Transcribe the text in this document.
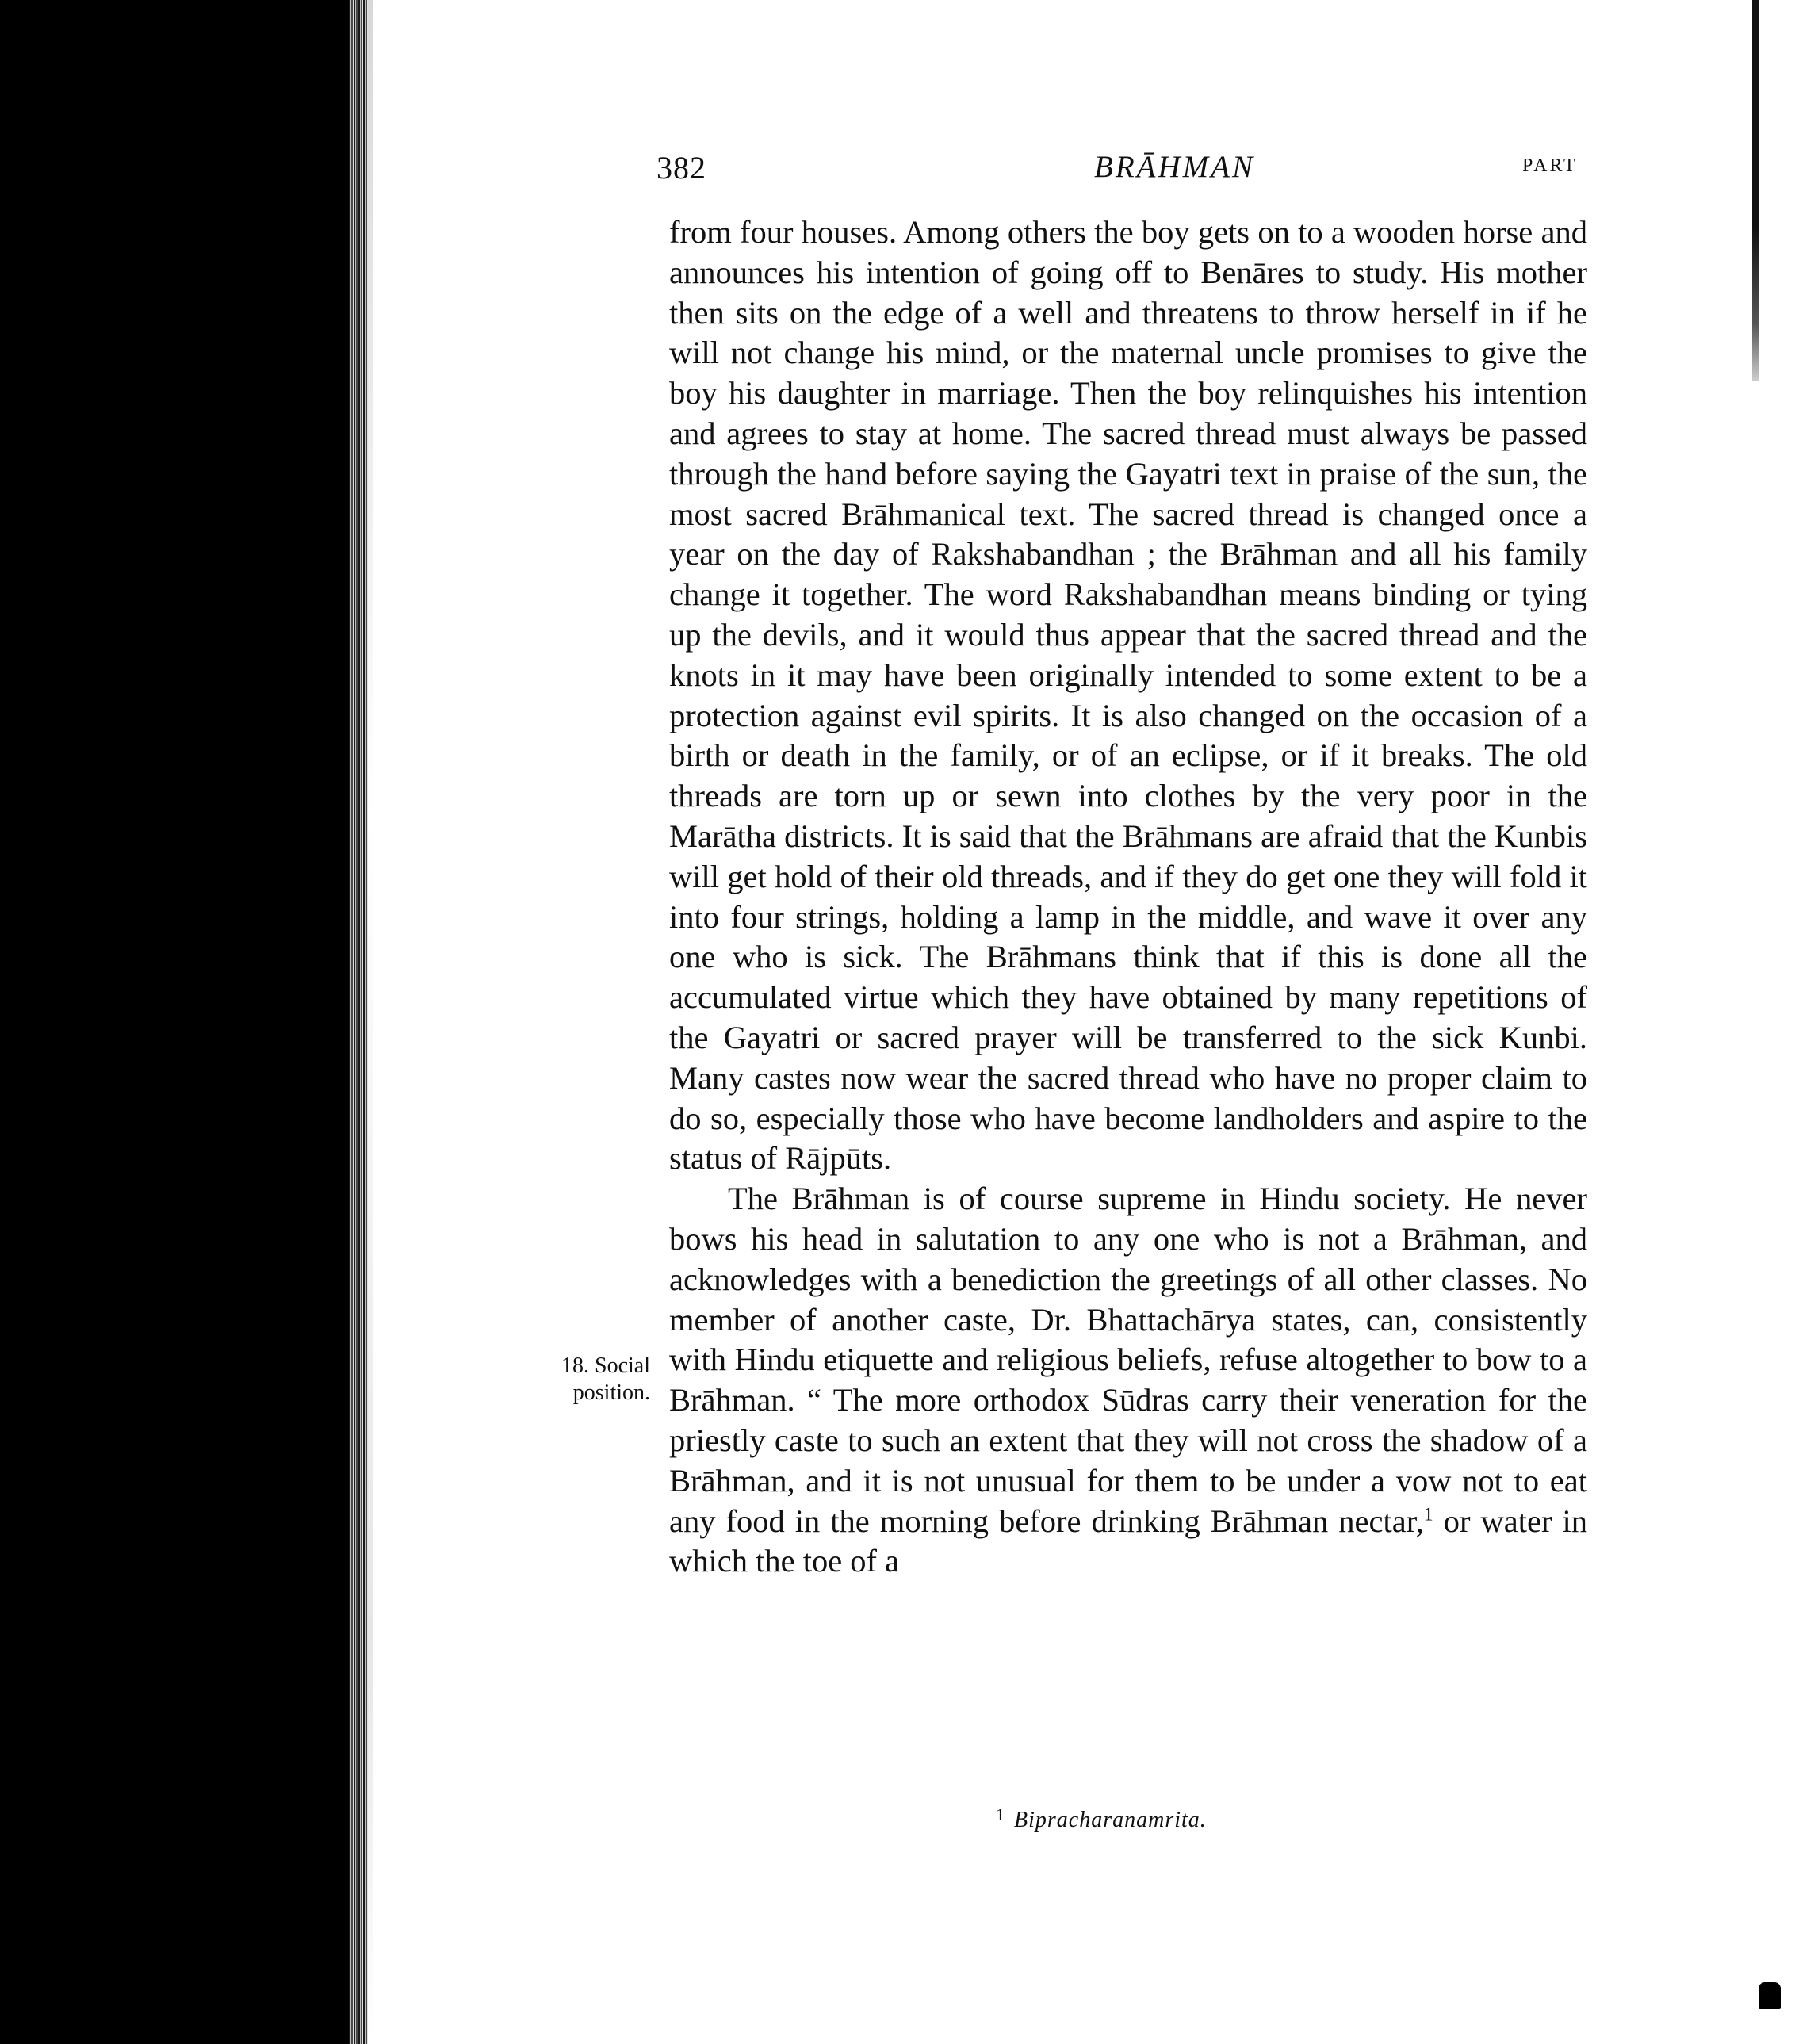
382	BRĀHMAN	PART
18. Social
position.

from four houses. Among others the boy gets on to a wooden horse and announces his intention of going off to Benāres to study. His mother then sits on the edge of a well and threatens to throw herself in if he will not change his mind, or the maternal uncle promises to give the boy his daughter in marriage. Then the boy relinquishes his intention and agrees to stay at home. The sacred thread must always be passed through the hand before saying the Gayatri text in praise of the sun, the most sacred Brāhmanical text. The sacred thread is changed once a year on the day of Rakshabandhan ; the Brāhman and all his family change it together. The word Rakshabandhan means binding or tying up the devils, and it would thus appear that the sacred thread and the knots in it may have been originally intended to some extent to be a protection against evil spirits. It is also changed on the occasion of a birth or death in the family, or of an eclipse, or if it breaks. The old threads are torn up or sewn into clothes by the very poor in the Marātha districts. It is said that the Brāhmans are afraid that the Kunbis will get hold of their old threads, and if they do get one they will fold it into four strings, holding a lamp in the middle, and wave it over any one who is sick. The Brāhmans think that if this is done all the accumulated virtue which they have obtained by many repetitions of the Gayatri or sacred prayer will be transferred to the sick Kunbi. Many castes now wear the sacred thread who have no proper claim to do so, especially those who have become landholders and aspire to the status of Rājpūts.

The Brāhman is of course supreme in Hindu society. He never bows his head in salutation to any one who is not a Brāhman, and acknowledges with a benediction the greetings of all other classes. No member of another caste, Dr. Bhattachārya states, can, consistently with Hindu etiquette and religious beliefs, refuse altogether to bow to a Brāhman. “ The more orthodox Sūdras carry their veneration for the priestly caste to such an extent that they will not cross the shadow of a Brāhman, and it is not unusual for them to be under a vow not to eat any food in the morning before drinking Brāhman nectar,$^1$ or water in which the toe of a

$^1$ Bipracharanamrita.
